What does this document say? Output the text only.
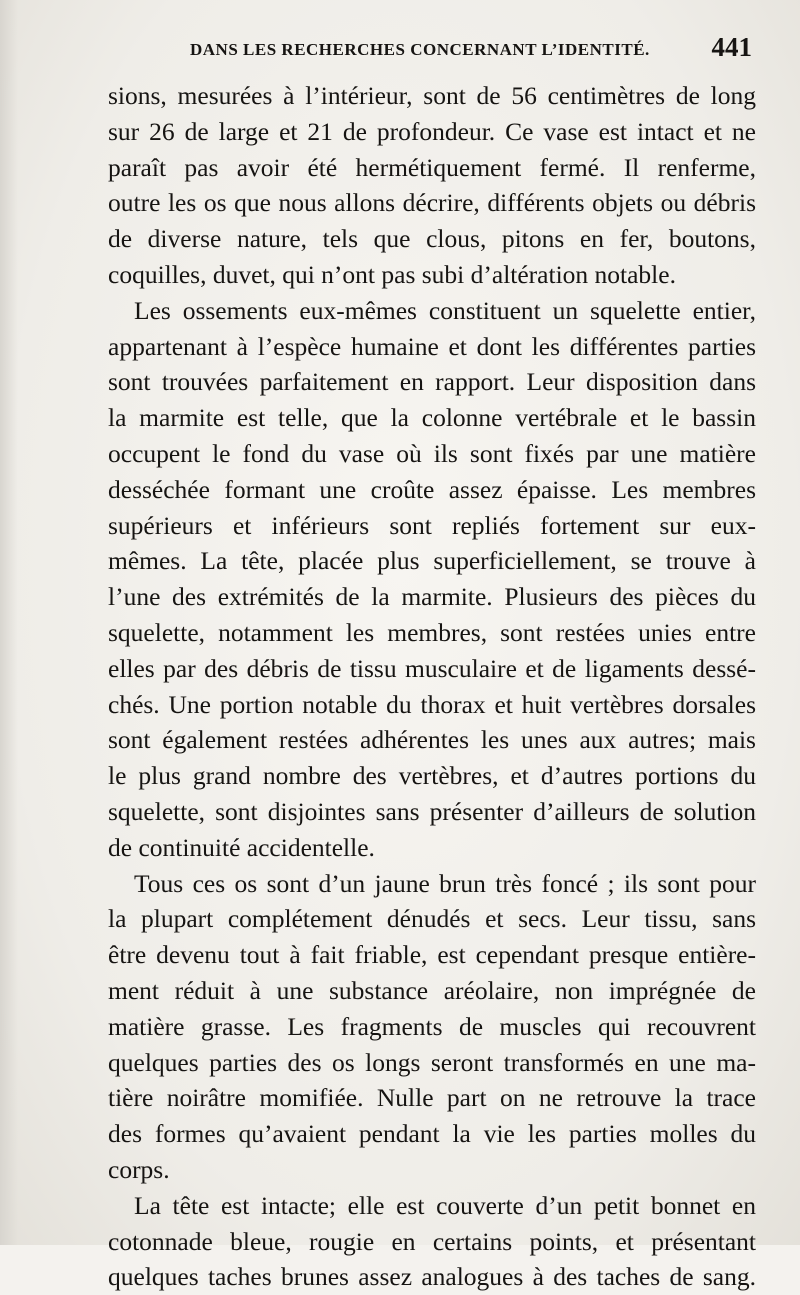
DANS LES RECHERCHES CONCERNANT L’IDENTITÉ. 441
sions, mesurées à l’intérieur, sont de 56 centimètres de long
sur 26 de large et 21 de profondeur. Ce vase est intact et ne
paraît pas avoir été hermétiquement fermé. Il renferme,
outre les os que nous allons décrire, différents objets ou débris
de diverse nature, tels que clous, pitons en fer, boutons,
coquilles, duvet, qui n’ont pas subi d’altération notable.
Les ossements eux-mêmes constituent un squelette entier,
appartenant à l’espèce humaine et dont les différentes parties
sont trouvées parfaitement en rapport. Leur disposition dans
la marmite est telle, que la colonne vertébrale et le bassin
occupent le fond du vase où ils sont fixés par une matière
desséchée formant une croûte assez épaisse. Les membres
supérieurs et inférieurs sont repliés fortement sur eux-
mêmes. La tête, placée plus superficiellement, se trouve à
l’une des extrémités de la marmite. Plusieurs des pièces du
squelette, notamment les membres, sont restées unies entre
elles par des débris de tissu musculaire et de ligaments dessé-
chés. Une portion notable du thorax et huit vertèbres dorsales
sont également restées adhérentes les unes aux autres; mais
le plus grand nombre des vertèbres, et d’autres portions du
squelette, sont disjointes sans présenter d’ailleurs de solution
de continuité accidentelle.
Tous ces os sont d’un jaune brun très foncé ; ils sont pour
la plupart complétement dénudés et secs. Leur tissu, sans
être devenu tout à fait friable, est cependant presque entière-
ment réduit à une substance aréolaire, non imprégnée de
matière grasse. Les fragments de muscles qui recouvrent
quelques parties des os longs seront transformés en une ma-
tière noirâtre momifiée. Nulle part on ne retrouve la trace
des formes qu’avaient pendant la vie les parties molles du
corps.
La tête est intacte; elle est couverte d’un petit bonnet en
cotonnade bleue, rougie en certains points, et présentant
quelques taches brunes assez analogues à des taches de sang.
